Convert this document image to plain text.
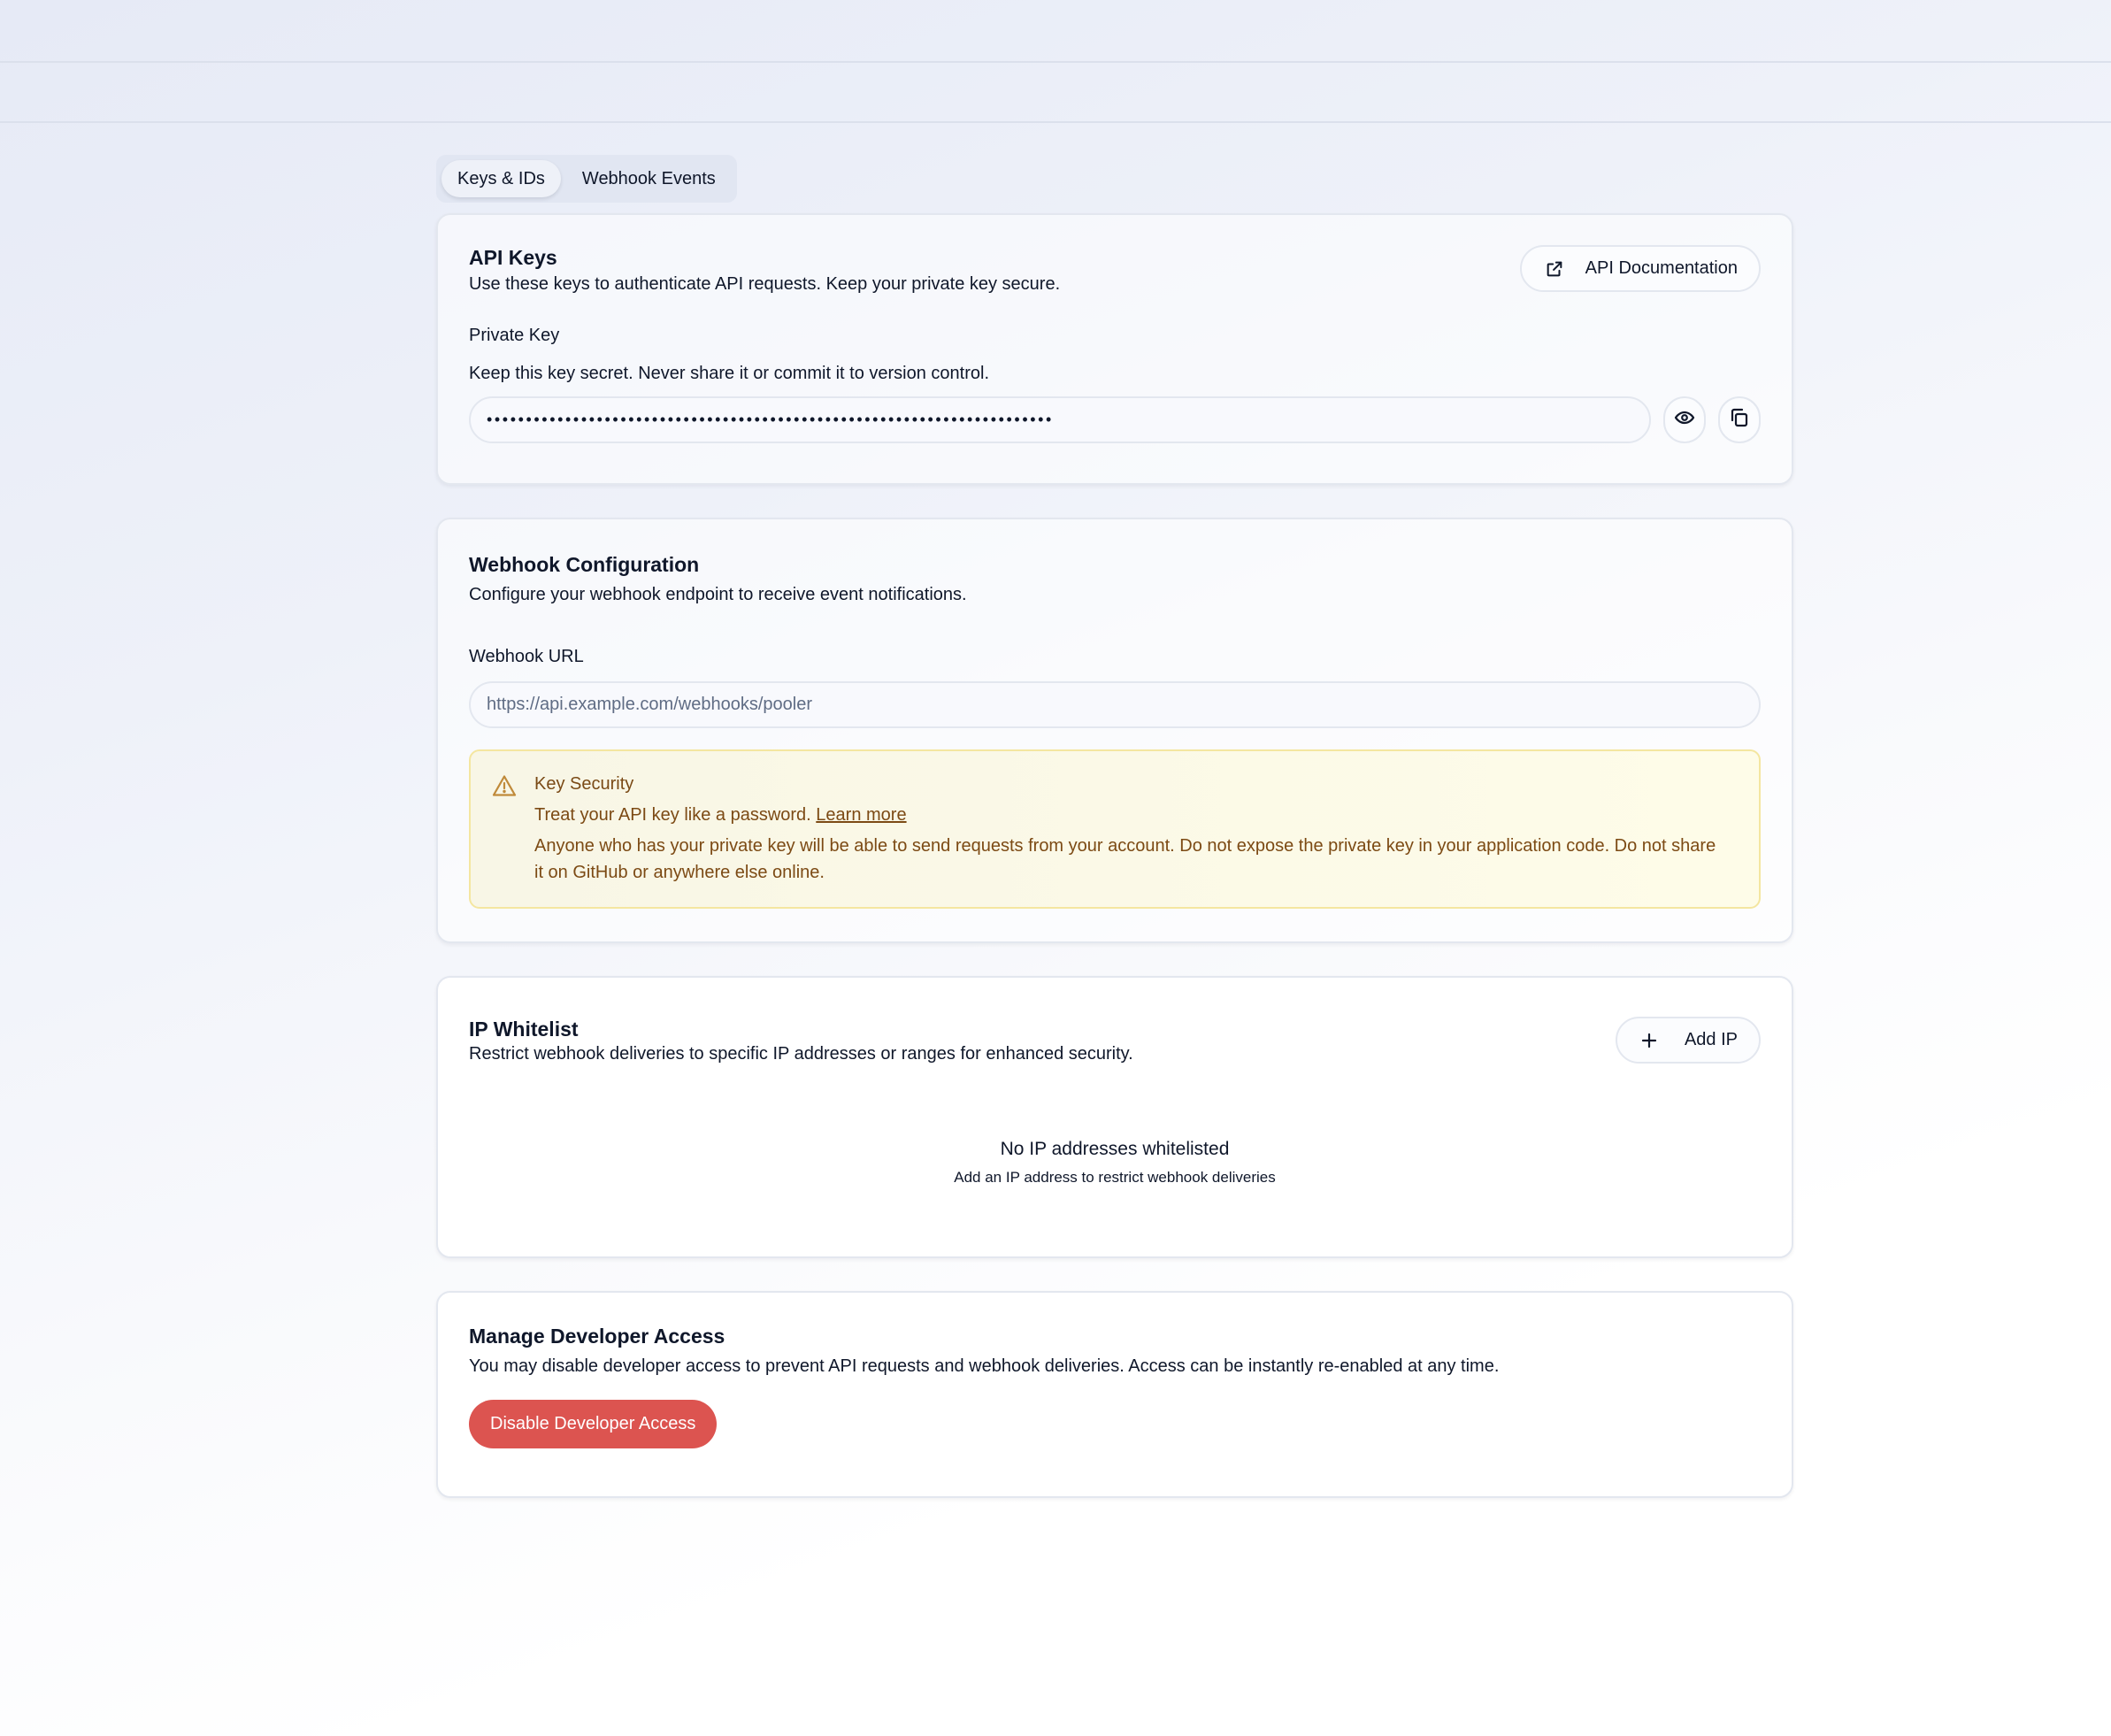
Keys & IDs	Webhook Events
API Keys

Use these keys to authenticate API requests. Keep your private key secure.

API Documentation
Private Key
Keep this key secret. Never share it or commit it to version control.
••••••••••••••••••••••••••••••••••••••••••••••••••••••••••••••••••••••••
Webhook Configuration

Configure your webhook endpoint to receive event notifications.

Webhook URL
https://api.example.com/webhooks/pooler
Key Security
Treat your API key like a password. Learn more
Anyone who has your private key will be able to send requests from your account. Do not expose the private key in your application code. Do not share it on GitHub or anywhere else online.
IP Whitelist

Restrict webhook deliveries to specific IP addresses or ranges for enhanced security.

Add IP
No IP addresses whitelisted
Add an IP address to restrict webhook deliveries
Manage Developer Access

You may disable developer access to prevent API requests and webhook deliveries. Access can be instantly re-enabled at any time.

Disable Developer Access
